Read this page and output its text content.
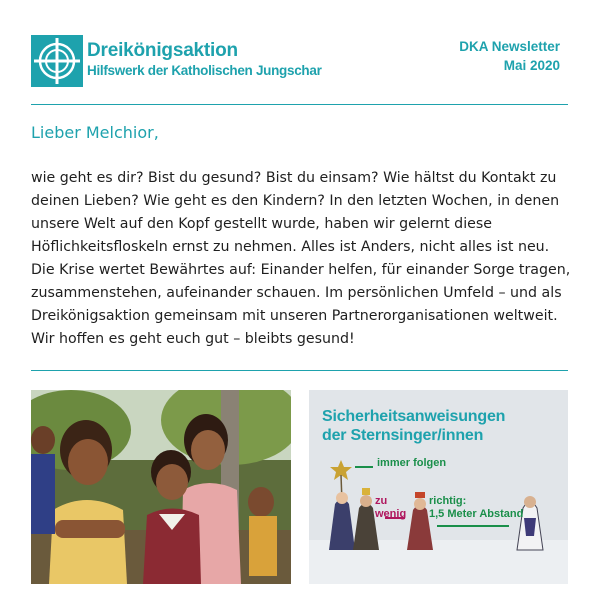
Dreikönigsaktion
Hilfswerk der Katholischen Jungschar
DKA Newsletter
Mai 2020
Lieber Melchior,
wie geht es dir? Bist du gesund? Bist du einsam? Wie hältst du Kontakt zu deinen Lieben? Wie geht es den Kindern? In den letzten Wochen, in denen unsere Welt auf den Kopf gestellt wurde, haben wir gelernt diese Höflichkeitsfloskeln ernst zu nehmen. Alles ist Anders, nicht alles ist neu. Die Krise wertet Bewährtes auf: Einander helfen, für einander Sorge tragen, zusammenstehen, aufeinander schauen. Im persönlichen Umfeld – und als Dreikönigsaktion gemeinsam mit unseren Partnerorganisationen weltweit. Wir hoffen es geht euch gut – bleibts gesund!
Sicherheitsanweisungen
der Sternsinger/innen
immer folgen
zu
wenig
richtig:
1,5 Meter Abstand
